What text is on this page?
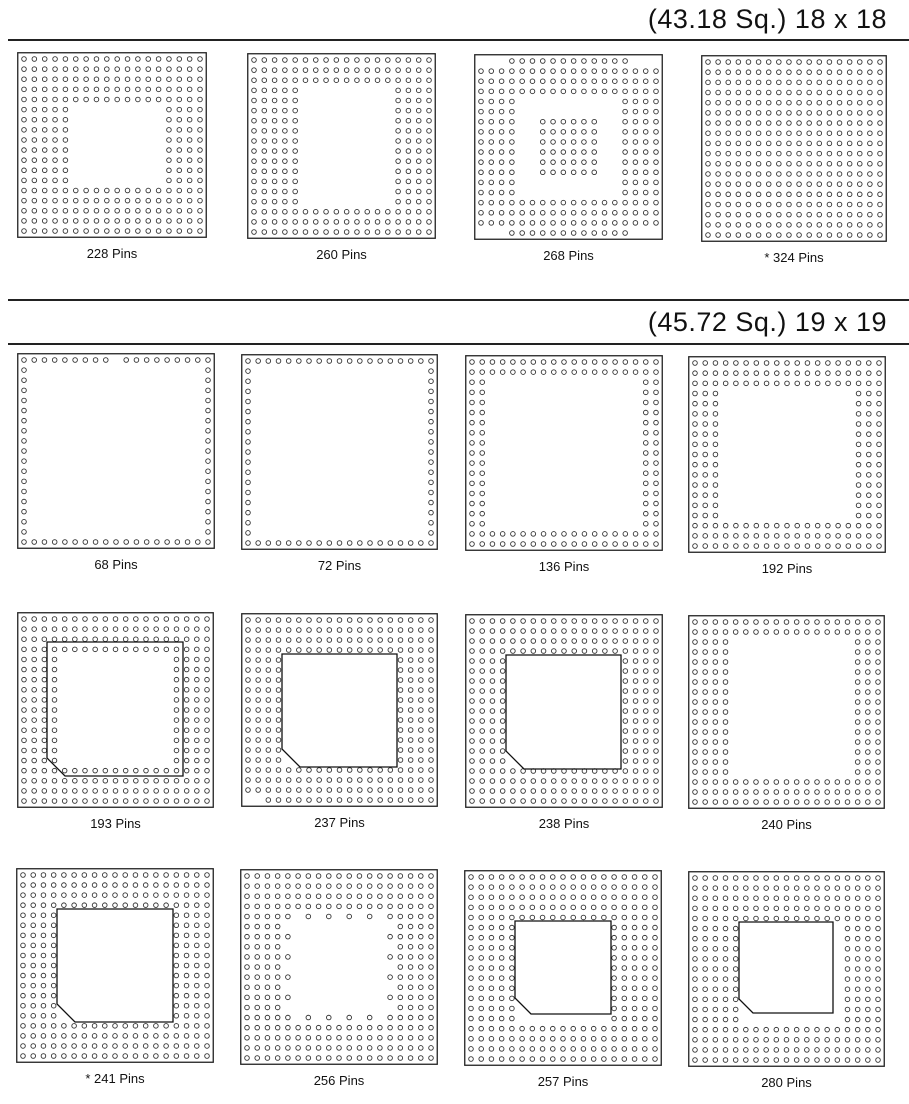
(43.18 Sq.) 18 x 18
(45.72 Sq.) 19 x 19
228 Pins	260 Pins	268 Pins	* 324 Pins
68 Pins	72 Pins	136 Pins	192 Pins
193 Pins	237 Pins	238 Pins	240 Pins
* 241 Pins	256 Pins	257 Pins	280 Pins
